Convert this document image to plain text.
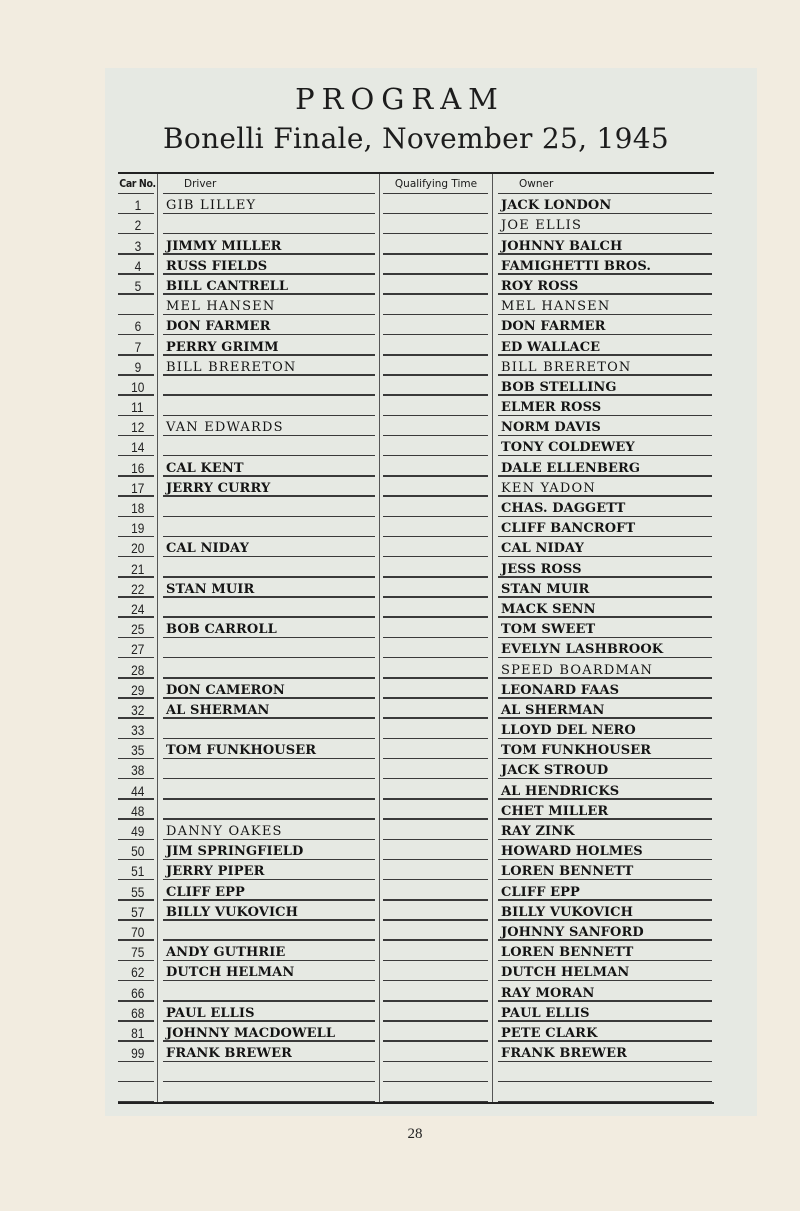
PROGRAM
Bonelli Finale, November 25, 1945
Car No.	Driver	Qualifying Time	Owner
1 GIB LILLEY	JACK LONDON
2	JOE ELLIS
3 JIMMY MILLER	JOHNNY BALCH
4 RUSS FIELDS	FAMIGHETTI BROS.
5 BILL CANTRELL	ROY ROSS
MEL HANSEN	MEL HANSEN
6 DON FARMER	DON FARMER
7 PERRY GRIMM	ED WALLACE
9 BILL BRERETON	BILL BRERETON
10	BOB STELLING
11	ELMER ROSS
12 VAN EDWARDS	NORM DAVIS
14	TONY COLDEWEY
16 CAL KENT	DALE ELLENBERG
17 JERRY CURRY	KEN YADON
18	CHAS. DAGGETT
19	CLIFF BANCROFT
20 CAL NIDAY	CAL NIDAY
21	JESS ROSS
22 STAN MUIR	STAN MUIR
24	MACK SENN
25 BOB CARROLL	TOM SWEET
27	EVELYN LASHBROOK
28	SPEED BOARDMAN
29 DON CAMERON	LEONARD FAAS
32 AL SHERMAN	AL SHERMAN
33	LLOYD DEL NERO
35 TOM FUNKHOUSER	TOM FUNKHOUSER
38	JACK STROUD
44	AL HENDRICKS
48	CHET MILLER
49 DANNY OAKES	RAY ZINK
50 JIM SPRINGFIELD	HOWARD HOLMES
51 JERRY PIPER	LOREN BENNETT
55 CLIFF EPP	CLIFF EPP
57 BILLY VUKOVICH	BILLY VUKOVICH
70	JOHNNY SANFORD
75 ANDY GUTHRIE	LOREN BENNETT
62 DUTCH HELMAN	DUTCH HELMAN
66	RAY MORAN
68 PAUL ELLIS	PAUL ELLIS
81 JOHNNY MACDOWELL	PETE CLARK
99 FRANK BREWER	FRANK BREWER
28
